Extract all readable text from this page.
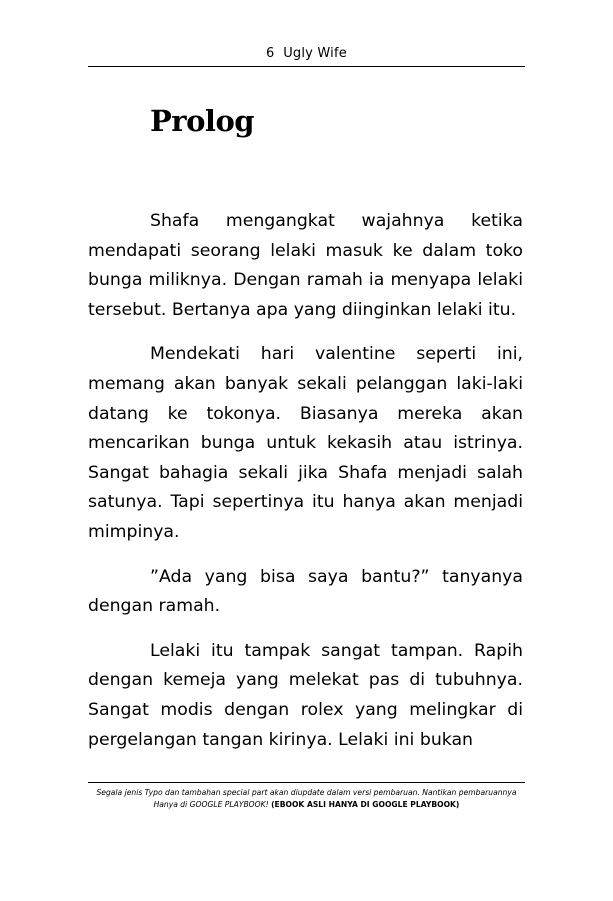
6 Ugly Wife
Prolog

Shafa mengangkat wajahnya ketika mendapati seorang lelaki masuk ke dalam toko bunga miliknya. Dengan ramah ia menyapa lelaki tersebut. Bertanya apa yang diinginkan lelaki itu.

Mendekati hari valentine seperti ini, memang akan banyak sekali pelanggan laki-laki datang ke tokonya. Biasanya mereka akan mencarikan bunga untuk kekasih atau istrinya. Sangat bahagia sekali jika Shafa menjadi salah satunya. Tapi sepertinya itu hanya akan menjadi mimpinya.

”Ada yang bisa saya bantu?” tanyanya dengan ramah.

Lelaki itu tampak sangat tampan. Rapih dengan kemeja yang melekat pas di tubuhnya. Sangat modis dengan rolex yang melingkar di pergelangan tangan kirinya. Lelaki ini bukan

Segala jenis Typo dan tambahan special part akan diupdate dalam versi pembaruan. Nantikan pembaruannya Hanya di GOOGLE PLAYBOOK! (EBOOK ASLI HANYA DI GOOGLE PLAYBOOK)
